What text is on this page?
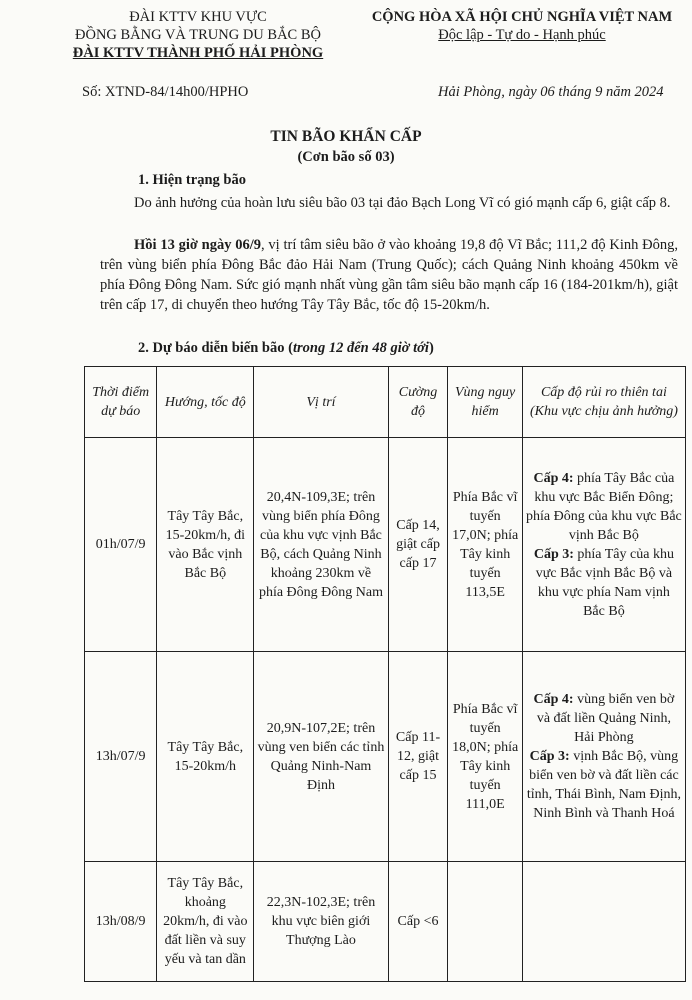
ĐÀI KTTV KHU VỰC
ĐỒNG BẰNG VÀ TRUNG DU BẮC BỘ
ĐÀI KTTV THÀNH PHỐ HẢI PHÒNG
CỘNG HÒA XÃ HỘI CHỦ NGHĨA VIỆT NAM
Độc lập - Tự do - Hạnh phúc
Số: XTND-84/14h00/HPHO	Hải Phòng, ngày 06 tháng 9 năm 2024
TIN BÃO KHẨN CẤP
(Cơn bão số 03)
1. Hiện trạng bão
Do ảnh hưởng của hoàn lưu siêu bão 03 tại đảo Bạch Long Vĩ có gió mạnh cấp 6, giật cấp 8.
Hồi 13 giờ ngày 06/9, vị trí tâm siêu bão ở vào khoảng 19,8 độ Vĩ Bắc; 111,2 độ Kinh Đông, trên vùng biển phía Đông Bắc đảo Hải Nam (Trung Quốc); cách Quảng Ninh khoảng 450km về phía Đông Đông Nam. Sức gió mạnh nhất vùng gần tâm siêu bão mạnh cấp 16 (184-201km/h), giật trên cấp 17, di chuyển theo hướng Tây Tây Bắc, tốc độ 15-20km/h.
2. Dự báo diễn biến bão (trong 12 đến 48 giờ tới)
Thời điểm dự báo	Hướng, tốc độ	Vị trí	Cường độ	Vùng nguy hiểm	Cấp độ rủi ro thiên tai (Khu vực chịu ảnh hưởng)
01h/07/9	Tây Tây Bắc, 15-20km/h, đi vào Bắc vịnh Bắc Bộ	20,4N-109,3E; trên vùng biển phía Đông của khu vực vịnh Bắc Bộ, cách Quảng Ninh khoảng 230km về phía Đông Đông Nam	Cấp 14, giật cấp cấp 17	Phía Bắc vĩ tuyến 17,0N; phía Tây kinh tuyến 113,5E	Cấp 4: phía Tây Bắc của khu vực Bắc Biển Đông; phía Đông của khu vực Bắc vịnh Bắc Bộ

Cấp 3: phía Tây của khu vực Bắc vịnh Bắc Bộ và khu vực phía Nam vịnh Bắc Bộ

13h/07/9	Tây Tây Bắc, 15-20km/h	20,9N-107,2E; trên vùng ven biển các tỉnh Quảng Ninh-Nam Định	Cấp 11-12, giật cấp 15	Phía Bắc vĩ tuyến 18,0N; phía Tây kinh tuyến 111,0E	Cấp 4: vùng biển ven bờ và đất liền Quảng Ninh, Hải Phòng

Cấp 3: vịnh Bắc Bộ, vùng biển ven bờ và đất liền các tỉnh, Thái Bình, Nam Định, Ninh Bình và Thanh Hoá

13h/08/9	Tây Tây Bắc, khoảng 20km/h, đi vào đất liền và suy yếu và tan dần	22,3N-102,3E; trên khu vực biên giới Thượng Lào	Cấp <6		
